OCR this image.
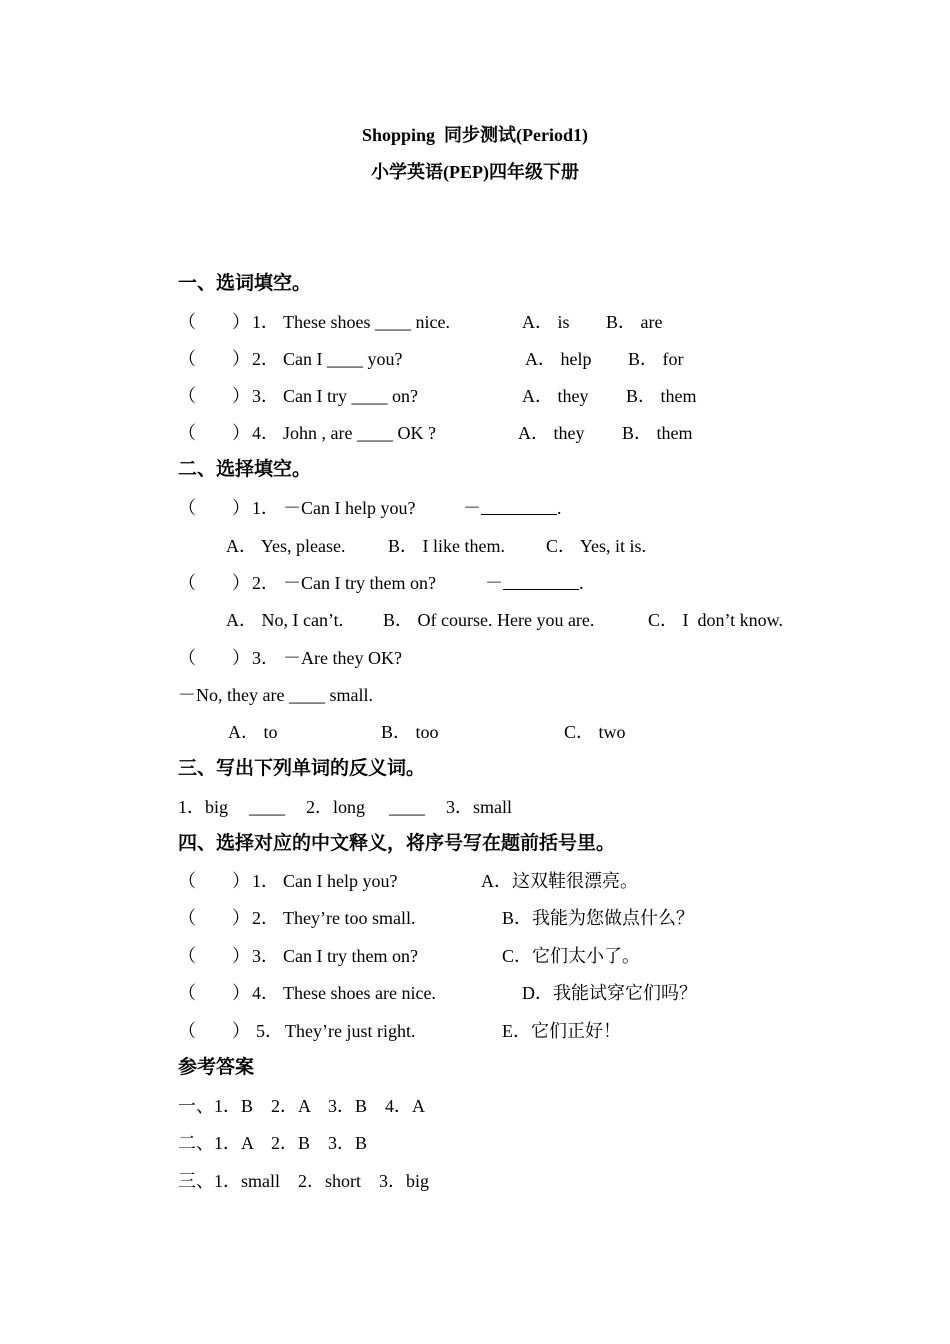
Shopping  同步测试(Period1)
小学英语(PEP)四年级下册
一、选词填空。
（        ） 1． These shoes ____ nice.	A． is B． are
（        ） 2． Can I ____ you?	A． help B． for
（        ） 3． Can I try ____ on?	A． they B． them
（        ） 4． John , are ____ OK ?	A． they B． them
二、选择填空。
（        ） 1． －Can I help you?	－	.
A． Yes, please. B． I like them. C． Yes, it is.
（        ） 2． －Can I try them on?	－	.
A． No, I can’t. B． Of course. Here you are.	C． I  don’t know.
（        ） 3． －Are they OK?
－No, they are ____ small.
A． to	B． too	C． two
三、写出下列单词的反义词。
1．big ____ 2．long ____ 3．small
四、选择对应的中文释义，将序号写在题前括号里。
（        ） 1． Can I help you?	A．这双鞋很漂亮。
（        ） 2． They’re too small.	B．我能为您做点什么？
（        ） 3． Can I try them on?	C．它们太小了。
（        ） 4． These shoes are nice.	D．我能试穿它们吗？
（        ） 5． They’re just right.	E．它们正好！
参考答案
一、1．B    2．A    3．B    4．A
二、1．A    2．B    3．B
三、1．small    2．short    3．big
